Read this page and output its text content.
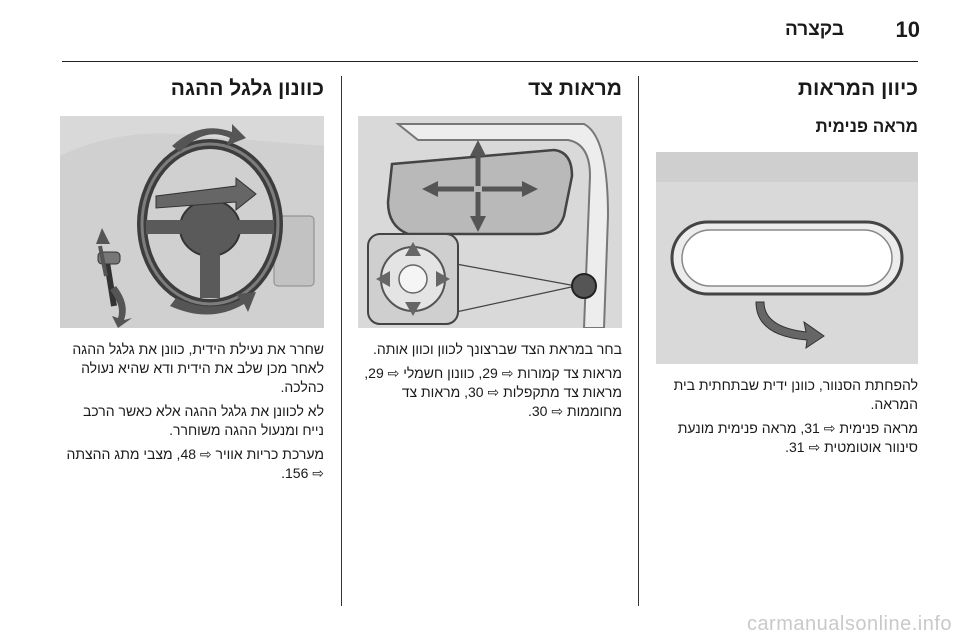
10
בקצרה
כיוון המראות
מראה פנימית

להפחתת הסנוור, כוונן ידית שבתחתית בית המראה.

מראה פנימית ⇨ 31, מראה פנימית מונעת סינוור אוטומטית ⇨ 31.

מראות צד

בחר במראת הצד שברצונך לכוון וכוון אותה.

מראות צד קמורות ⇨ 29, כוונון חשמלי ⇨ 29, מראות צד מתקפלות ⇨ 30, מראות צד מחוממות ⇨ 30.

כוונון גלגל ההגה

שחרר את נעילת הידית, כוונן את גלגל ההגה לאחר מכן שלב את הידית ודא שהיא נעולה כהלכה.

לא לכוונן את גלגל ההגה אלא כאשר הרכב נייח ומנעול ההגה משוחרר.

מערכת כריות אוויר ⇨ 48, מצבי מתג ההצתה ⇨ 156.

carmanualsonline.info
